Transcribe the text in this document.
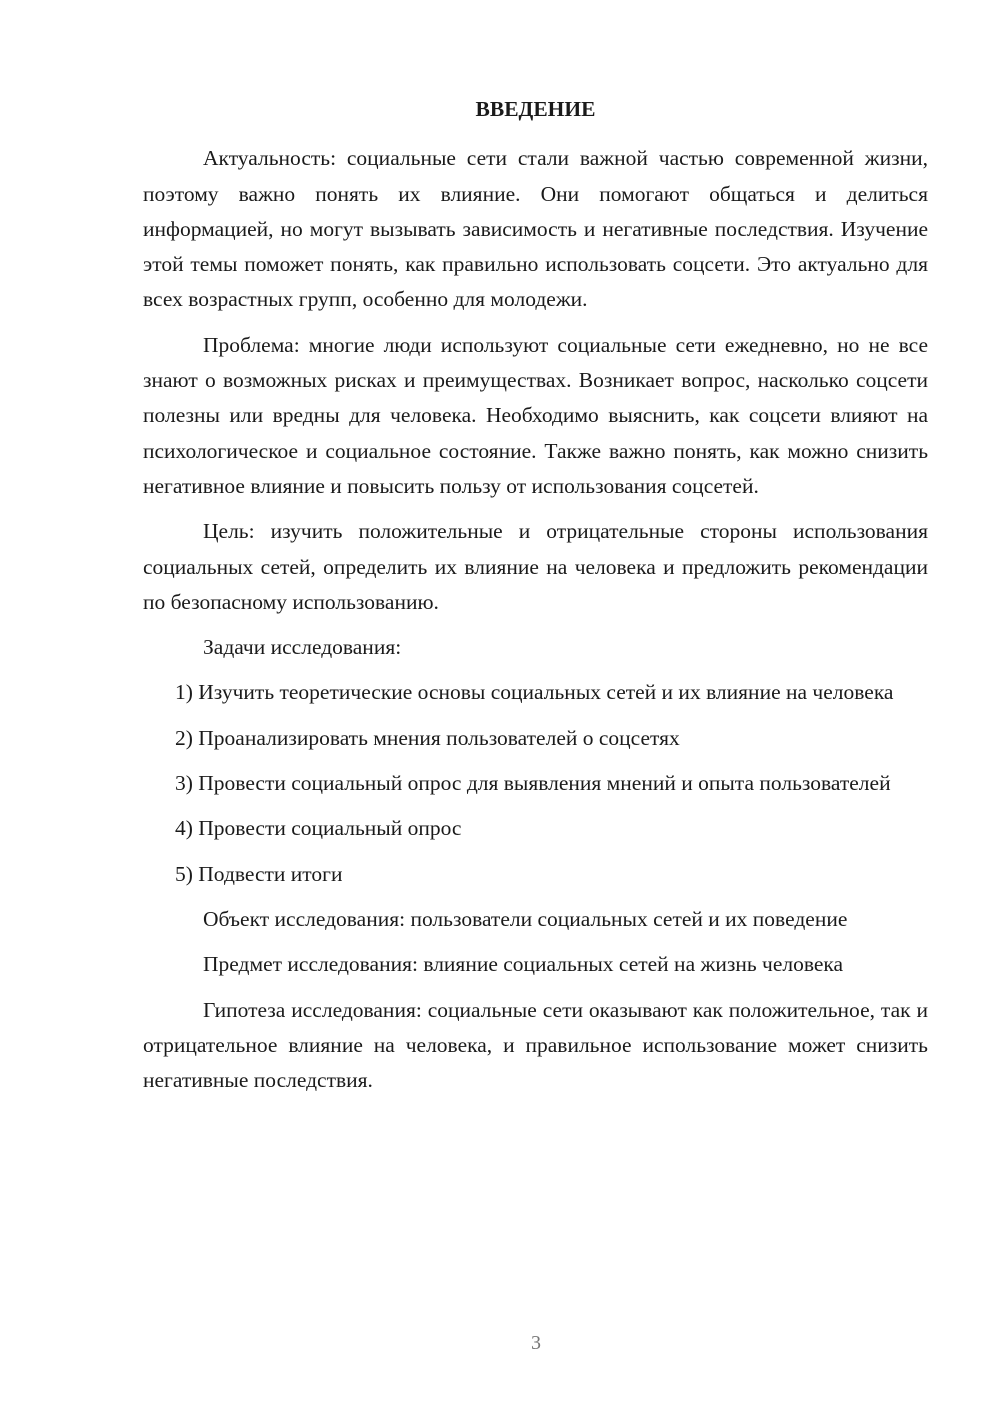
ВВЕДЕНИЕ

Актуальность: социальные сети стали важной частью современной жизни, поэтому важно понять их влияние. Они помогают общаться и делиться информацией, но могут вызывать зависимость и негативные последствия. Изучение этой темы поможет понять, как правильно использовать соцсети. Это актуально для всех возрастных групп, особенно для молодежи.

Проблема: многие люди используют социальные сети ежедневно, но не все знают о возможных рисках и преимуществах. Возникает вопрос, насколько соцсети полезны или вредны для человека. Необходимо выяснить, как соцсети влияют на психологическое и социальное состояние. Также важно понять, как можно снизить негативное влияние и повысить пользу от использования соцсетей.

Цель: изучить положительные и отрицательные стороны использования социальных сетей, определить их влияние на человека и предложить рекомендации по безопасному использованию.

Задачи исследования:

1) Изучить теоретические основы социальных сетей и их влияние на человека

2) Проанализировать мнения пользователей о соцсетях

3) Провести социальный опрос для выявления мнений и опыта пользователей

4) Провести социальный опрос

5) Подвести итоги

Объект исследования: пользователи социальных сетей и их поведение

Предмет исследования: влияние социальных сетей на жизнь человека

Гипотеза исследования: социальные сети оказывают как положительное, так и отрицательное влияние на человека, и правильное использование может снизить негативные последствия.

3
